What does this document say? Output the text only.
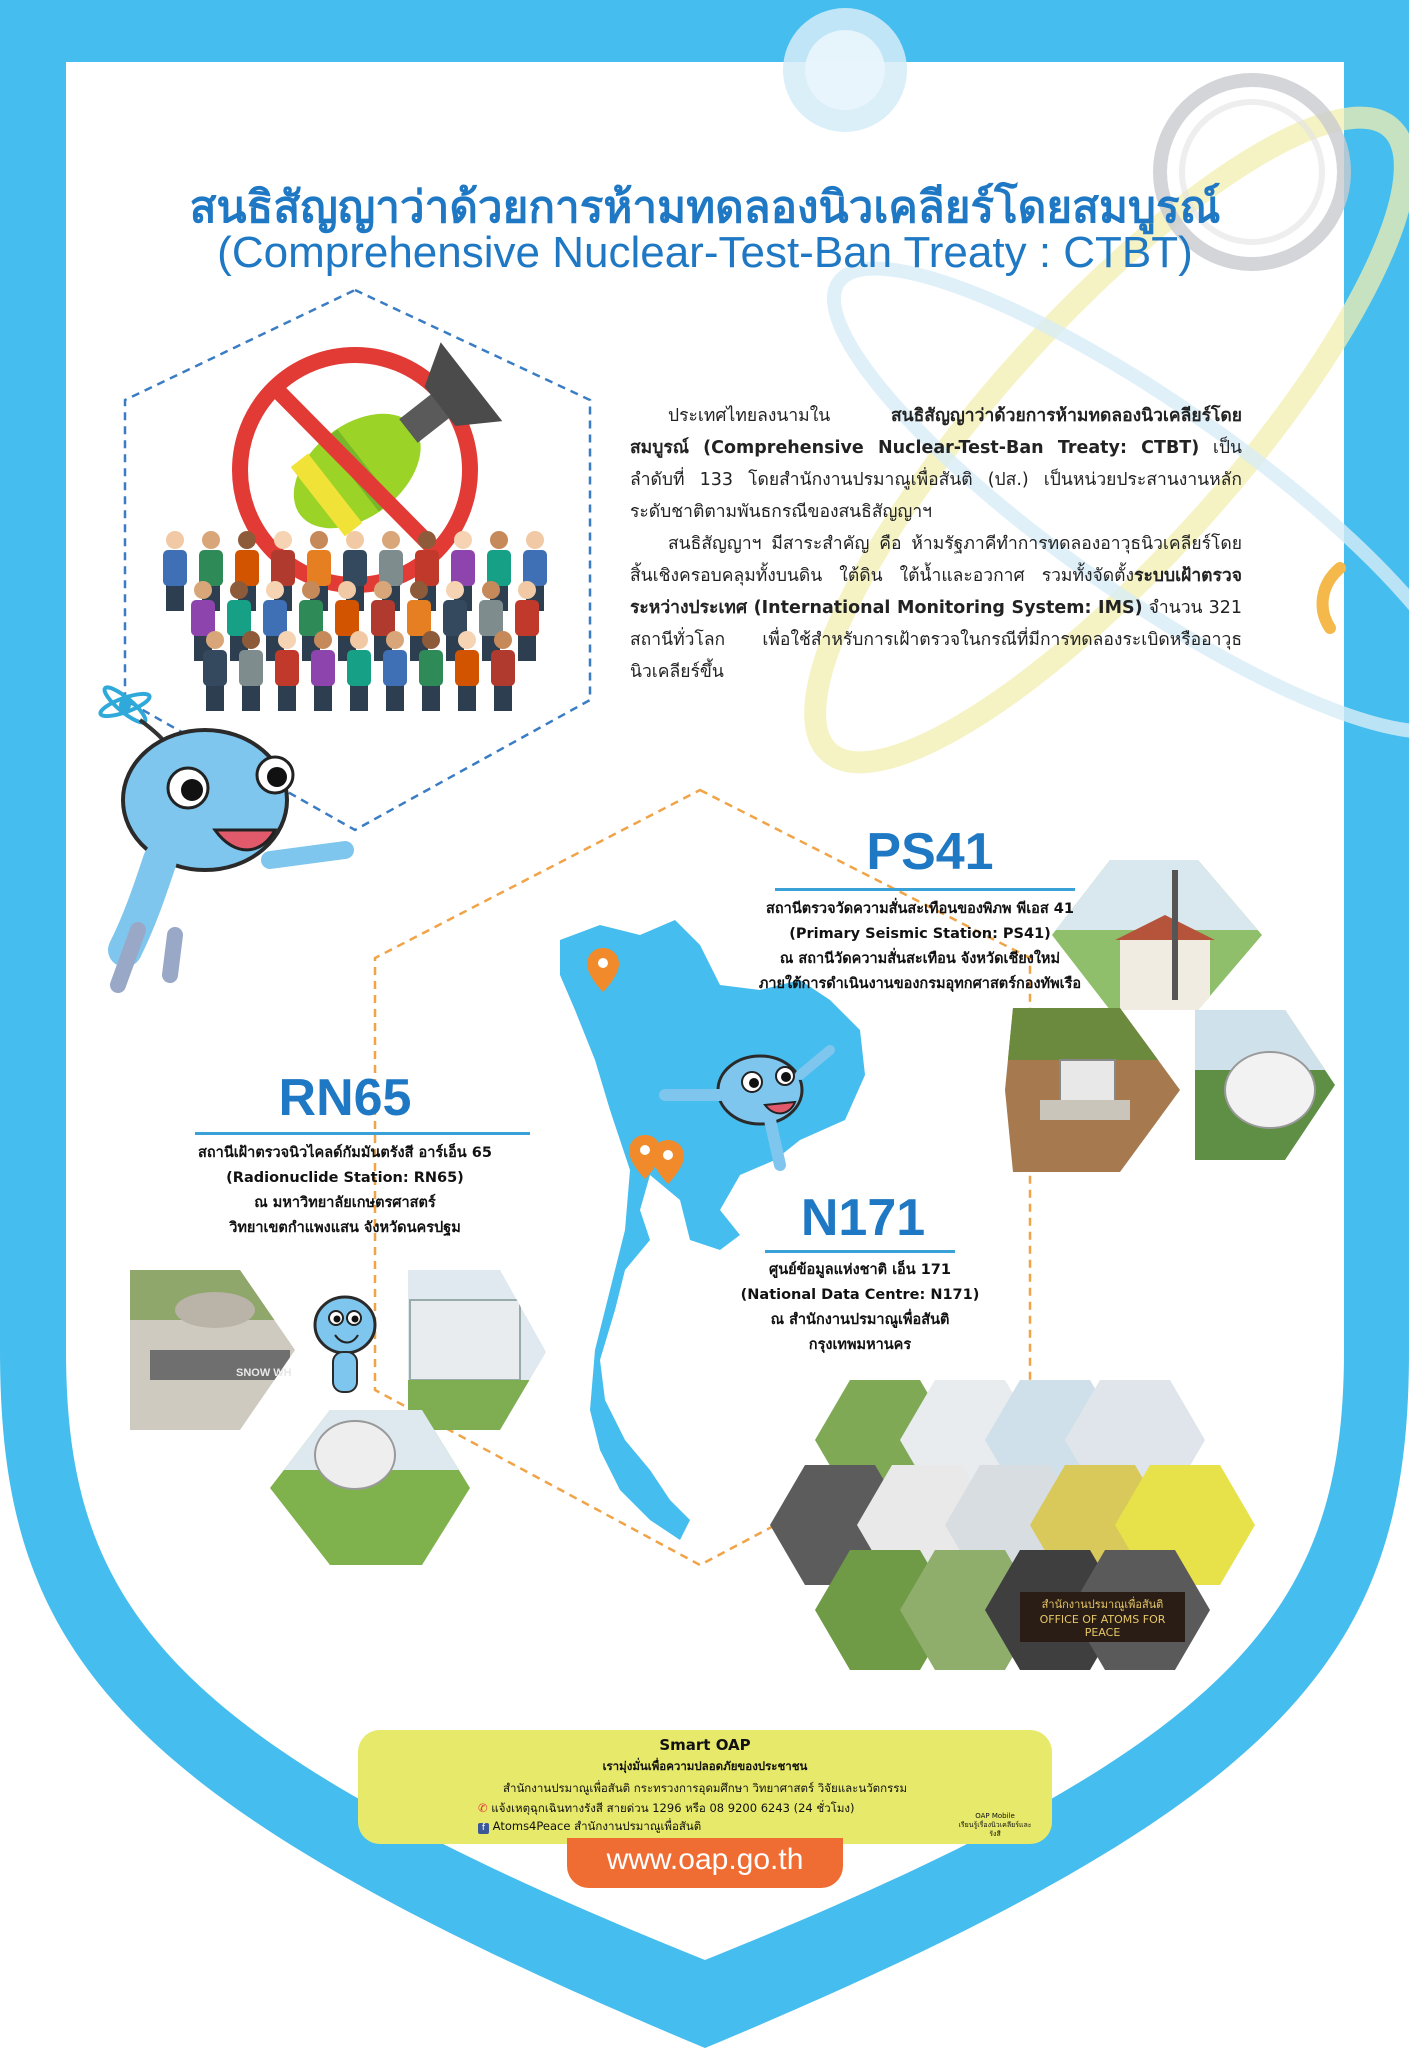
สนธิสัญญาว่าด้วยการห้ามทดลองนิวเคลียร์โดยสมบูรณ์
(Comprehensive Nuclear-Test-Ban Treaty : CTBT)

ประเทศไทยลงนามใน สนธิสัญญาว่าด้วยการห้ามทดลองนิวเคลียร์โดยสมบูรณ์ (Comprehensive Nuclear-Test-Ban Treaty: CTBT) เป็นลำดับที่ 133 โดยสำนักงานปรมาณูเพื่อสันติ (ปส.) เป็นหน่วยประสานงานหลักระดับชาติตามพันธกรณีของสนธิสัญญาฯ

สนธิสัญญาฯ มีสาระสำคัญ คือ ห้ามรัฐภาคีทำการทดลองอาวุธนิวเคลียร์โดยสิ้นเชิงครอบคลุมทั้งบนดิน ใต้ดิน ใต้น้ำและอวกาศ รวมทั้งจัดตั้งระบบเฝ้าตรวจระหว่างประเทศ (International Monitoring System: IMS) จำนวน 321 สถานีทั่วโลก เพื่อใช้สำหรับการเฝ้าตรวจในกรณีที่มีการทดลองระเบิดหรืออาวุธนิวเคลียร์ขึ้น

PS41
สถานีตรวจวัดความสั่นสะเทือนของพิภพ พีเอส 41
(Primary Seismic Station: PS41)
ณ สถานีวัดความสั่นสะเทือน จังหวัดเชียงใหม่
ภายใต้การดำเนินงานของกรมอุทกศาสตร์กองทัพเรือ
RN65
สถานีเฝ้าตรวจนิวไคลด์กัมมันตรังสี อาร์เอ็น 65
(Radionuclide Station: RN65)
ณ มหาวิทยาลัยเกษตรศาสตร์
วิทยาเขตกำแพงแสน จังหวัดนครปฐม	N171
ศูนย์ข้อมูลแห่งชาติ เอ็น 171
(National Data Centre: N171)
ณ สำนักงานปรมาณูเพื่อสันติ
กรุงเทพมหานคร
สำนักงานปรมาณูเพื่อสันติ
OFFICE OF ATOMS FOR PEACE
SNOW WH
Smart OAP
เรามุ่งมั่นเพื่อความปลอดภัยของประชาชน
สำนักงานปรมาณูเพื่อสันติ กระทรวงการอุดมศึกษา วิทยาศาสตร์ วิจัยและนวัตกรรม
✆ แจ้งเหตุฉุกเฉินทางรังสี สายด่วน 1296 หรือ 08 9200 6243 (24 ชั่วโมง)
f Atoms4Peace สำนักงานปรมาณูเพื่อสันติ
OAP Mobile
เรียนรู้เรื่องนิวเคลียร์และรังสี
www.oap.go.th
